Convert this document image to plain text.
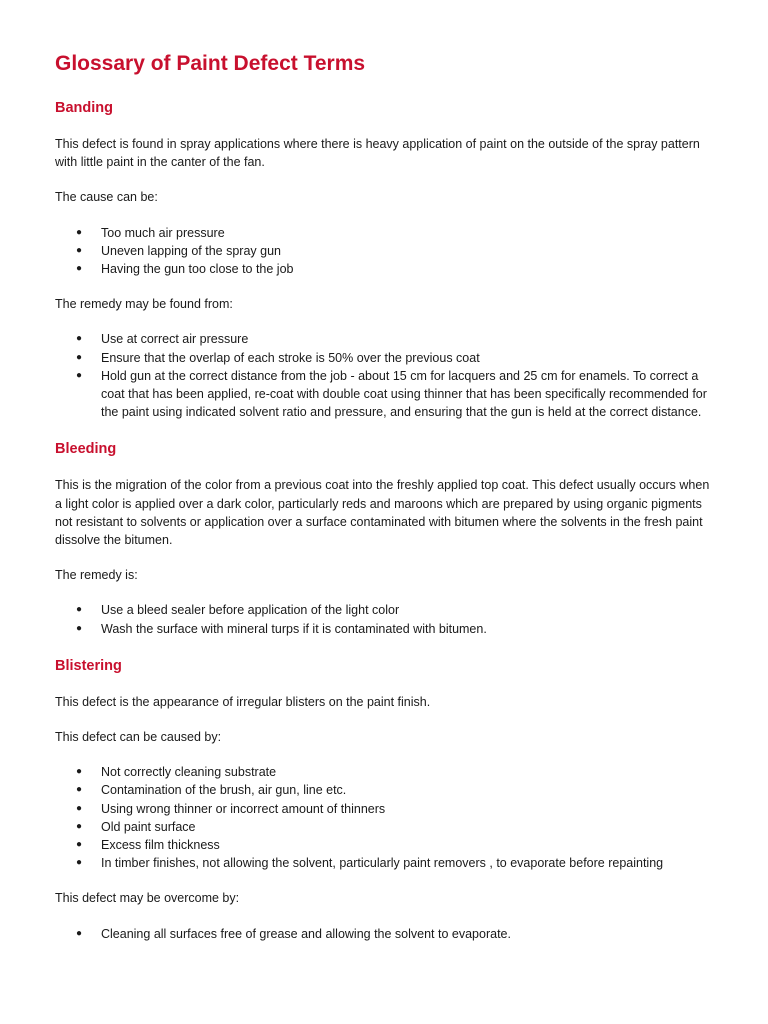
Glossary of Paint Defect Terms
Banding

This defect is found in spray applications where there is heavy application of paint on the outside of the spray pattern with little paint in the canter of the fan.

The cause can be:

● Too much air pressure
● Uneven lapping of the spray gun
● Having the gun too close to the job

The remedy may be found from:

● Use at correct air pressure
● Ensure that the overlap of each stroke is 50% over the previous coat
● Hold gun at the correct distance from the job - about 15 cm for lacquers and 25 cm for enamels. To correct a coat that has been applied, re-coat with double coat using thinner that has been specifically recommended for the paint using indicated solvent ratio and pressure, and ensuring that the gun is held at the correct distance.
Bleeding

This is the migration of the color from a previous coat into the freshly applied top coat. This defect usually occurs when a light color is applied over a dark color, particularly reds and maroons which are prepared by using organic pigments not resistant to solvents or application over a surface contaminated with bitumen where the solvents in the fresh paint dissolve the bitumen.

The remedy is:

● Use a bleed sealer before application of the light color
● Wash the surface with mineral turps if it is contaminated with bitumen.
Blistering

This defect is the appearance of irregular blisters on the paint finish.

This defect can be caused by:

● Not correctly cleaning substrate
● Contamination of the brush, air gun, line etc.
● Using wrong thinner or incorrect amount of thinners
● Old paint surface
● Excess film thickness
● In timber finishes, not allowing the solvent, particularly paint removers , to evaporate before repainting

This defect may be overcome by:

● Cleaning all surfaces free of grease and allowing the solvent to evaporate.
